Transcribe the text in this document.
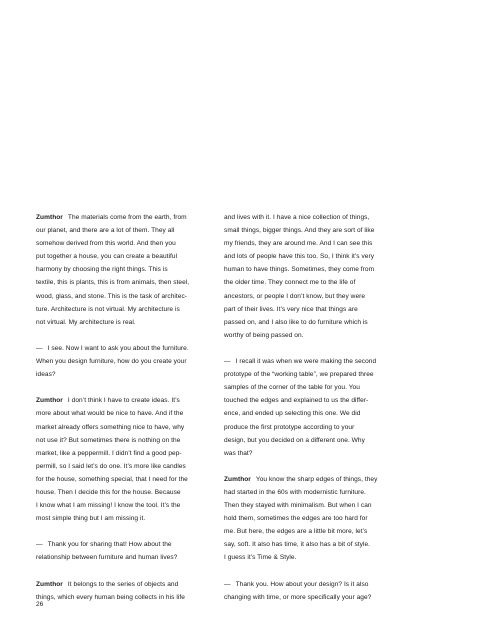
Zumthor The materials come from the earth, from
our planet, and there are a lot of them. They all
somehow derived from this world. And then you
put together a house, you can create a beautiful
harmony by choosing the right things. This is
textile, this is plants, this is from animals, then steel,
wood, glass, and stone. This is the task of architec-
ture. Architecture is not virtual. My architecture is
not virtual. My architecture is real.
— I see. Now I want to ask you about the furniture.
When you design furniture, how do you create your
ideas?
Zumthor I don’t think I have to create ideas. It’s
more about what would be nice to have. And if the
market already offers something nice to have, why
not use it? But sometimes there is nothing on the
market, like a peppermill. I didn’t find a good pep-
permill, so I said let’s do one. It’s more like candles
for the house, something special, that I need for the
house. Then I decide this for the house. Because
I know what I am missing! I know the tool. It’s the
most simple thing but I am missing it.
— Thank you for sharing that! How about the
relationship between furniture and human lives?
Zumthor It belongs to the series of objects and
things, which every human being collects in his life
and lives with it. I have a nice collection of things,
small things, bigger things. And they are sort of like
my friends, they are around me. And I can see this
and lots of people have this too. So, I think it’s very
human to have things. Sometimes, they come from
the older time. They connect me to the life of
ancestors, or people I don’t know, but they were
part of their lives. It’s very nice that things are
passed on, and I also like to do furniture which is
worthy of being passed on.
— I recall it was when we were making the second
prototype of the “working table”, we prepared three
samples of the corner of the table for you. You
touched the edges and explained to us the differ-
ence, and ended up selecting this one. We did
produce the first prototype according to your
design, but you decided on a different one. Why
was that?
Zumthor You know the sharp edges of things, they
had started in the 60s with modernistic furniture.
Then they stayed with minimalism. But when I can
hold them, sometimes the edges are too hard for
me. But here, the edges are a little bit more, let’s
say, soft. It also has time, it also has a bit of style.
I guess it’s Time & Style.
— Thank you. How about your design? Is it also
changing with time, or more specifically your age?
26
